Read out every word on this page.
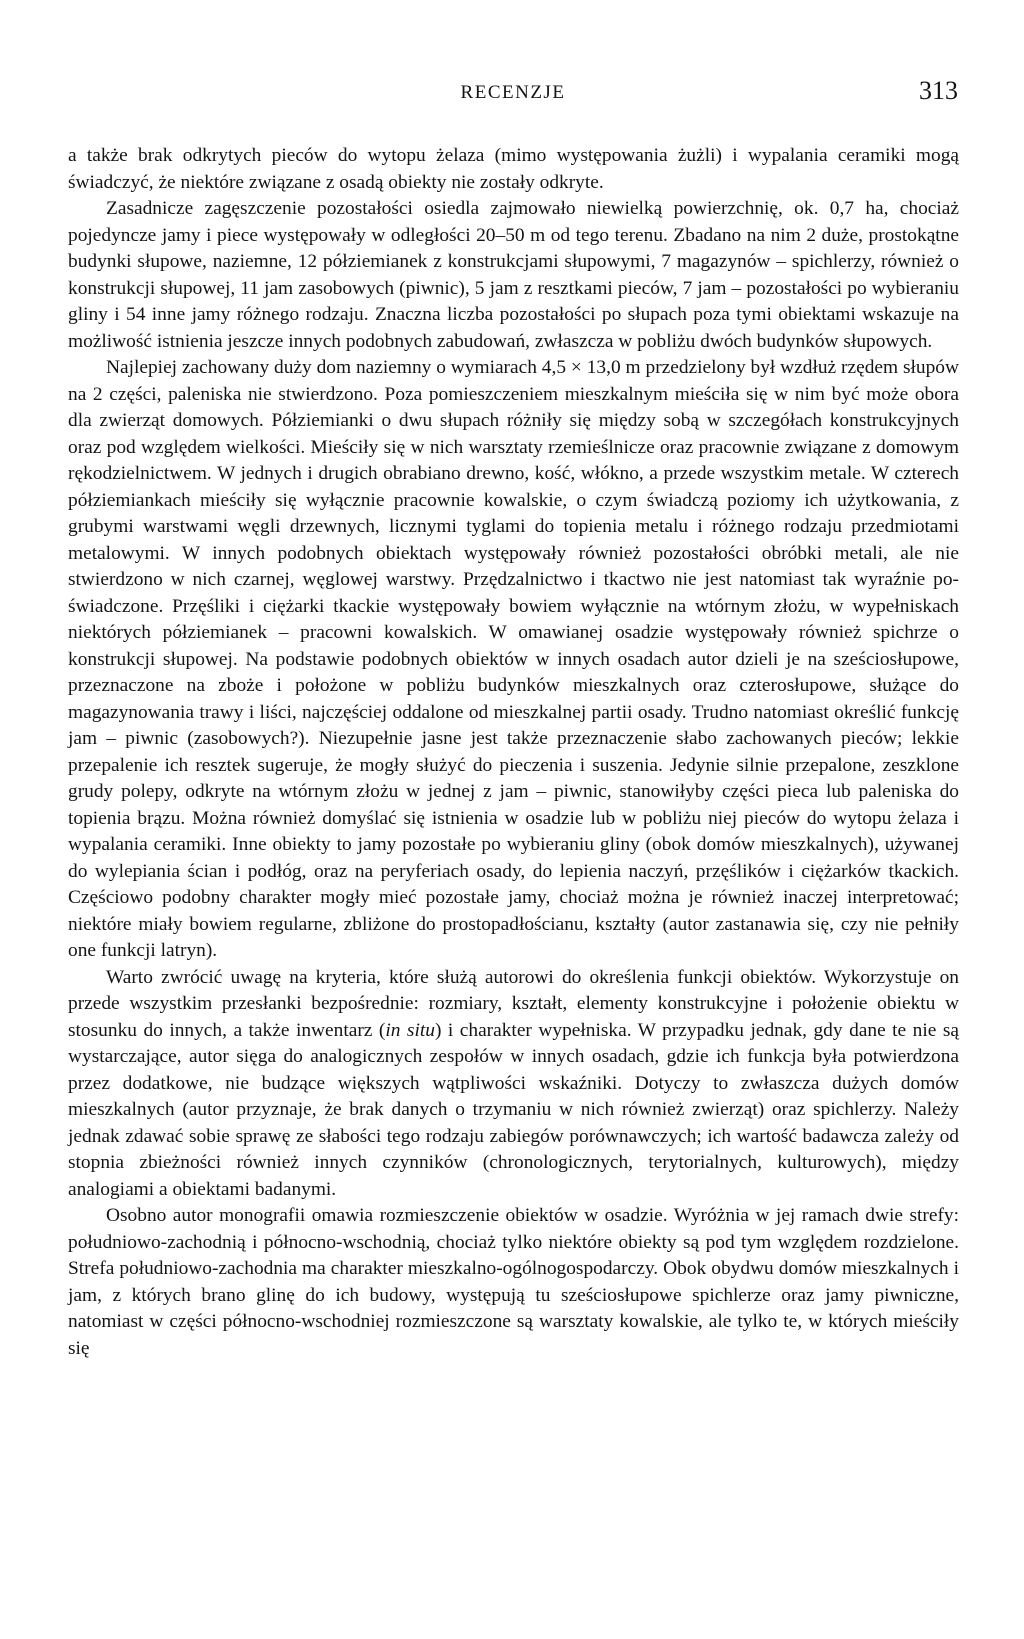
RECENZJE	313

a także brak odkrytych pieców do wytopu żelaza (mimo występowania żużli) i wypalania ceramiki mogą świadczyć, że niektóre związane z osadą obiekty nie zostały odkryte.

Zasadnicze zagęszczenie pozostałości osiedla zajmowało niewielką powierzchnię, ok. 0,7 ha, chociaż pojedyncze jamy i piece występowały w odległości 20–50 m od tego terenu. Zbadano na nim 2 duże, prostokątne budynki słupowe, naziemne, 12 półziemianek z konstrukcjami słupowymi, 7 magazynów – spichlerzy, również o konstrukcji słupowej, 11 jam zasobowych (piwnic), 5 jam z resztkami pieców, 7 jam – pozostałości po wybieraniu gliny i 54 inne jamy różnego rodzaju. Znaczna liczba pozostałości po słupach poza tymi obiektami wskazuje na możliwość istnienia jeszcze innych podobnych zabudowań, zwłaszcza w pobliżu dwóch budynków słupowych.

Najlepiej zachowany duży dom naziemny o wymiarach 4,5 × 13,0 m przedzielony był wzdłuż rzędem słupów na 2 części, paleniska nie stwierdzono. Poza pomieszczeniem mieszkalnym mieściła się w nim być może obora dla zwierząt domowych. Półziemianki o dwu słupach różniły się między sobą w szczegółach konstrukcyjnych oraz pod względem wielkości. Mieściły się w nich warsztaty rzemieślnicze oraz pracownie związane z domowym rękodzielnictwem. W jednych i drugich obrabiano drewno, kość, włókno, a przede wszystkim metale. W czterech półziemiankach mieściły się wyłącznie pracownie kowalskie, o czym świadczą poziomy ich użytkowania, z grubymi warstwami węgli drzewnych, licznymi tyglami do topienia metalu i różnego rodzaju przedmiotami metalowymi. W innych podobnych obiektach występowały również pozostałości obróbki metali, ale nie stwierdzono w nich czarnej, węglowej warstwy. Przędzalnictwo i tkactwo nie jest natomiast tak wyraźnie poświadczone. Przęśliki i ciężarki tkackie występowały bowiem wyłącznie na wtórnym złożu, w wypełniskach niektórych półziemianek – pracowni kowalskich. W omawianej osadzie występowały również spichrze o konstrukcji słupowej. Na podstawie podobnych obiektów w innych osadach autor dzieli je na sześciosłupowe, przeznaczone na zboże i położone w pobliżu budynków mieszkalnych oraz czterosłupowe, służące do magazynowania trawy i liści, najczęściej oddalone od mieszkalnej partii osady. Trudno natomiast określić funkcję jam – piwnic (zasobowych?). Niezupełnie jasne jest także przeznaczenie słabo zachowanych pieców; lekkie przepalenie ich resztek sugeruje, że mogły służyć do pieczenia i suszenia. Jedynie silnie przepalone, zeszklone grudy polepy, odkryte na wtórnym złożu w jednej z jam – piwnic, stanowiłyby części pieca lub paleniska do topienia brązu. Można również domyślać się istnienia w osadzie lub w pobliżu niej pieców do wytopu żelaza i wypalania ceramiki. Inne obiekty to jamy pozostałe po wybieraniu gliny (obok domów mieszkalnych), używanej do wylepiania ścian i podłóg, oraz na peryferiach osady, do lepienia naczyń, przęślików i ciężarków tkackich. Częściowo podobny charakter mogły mieć pozostałe jamy, chociaż można je również inaczej interpretować; niektóre miały bowiem regularne, zbliżone do prostopadłościanu, kształty (autor zastanawia się, czy nie pełniły one funkcji latryn).

Warto zwrócić uwagę na kryteria, które służą autorowi do określenia funkcji obiektów. Wykorzystuje on przede wszystkim przesłanki bezpośrednie: rozmiary, kształt, elementy konstrukcyjne i położenie obiektu w stosunku do innych, a także inwentarz (in situ) i charakter wypełniska. W przypadku jednak, gdy dane te nie są wystarczające, autor sięga do analogicznych zespołów w innych osadach, gdzie ich funkcja była potwierdzona przez dodatkowe, nie budzące większych wątpliwości wskaźniki. Dotyczy to zwłaszcza dużych domów mieszkalnych (autor przyznaje, że brak danych o trzymaniu w nich również zwierząt) oraz spichlerzy. Należy jednak zdawać sobie sprawę ze słabości tego rodzaju zabiegów porównawczych; ich wartość badawcza zależy od stopnia zbieżności również innych czynników (chronologicznych, terytorialnych, kulturowych), między analogiami a obiektami badanymi.

Osobno autor monografii omawia rozmieszczenie obiektów w osadzie. Wyróżnia w jej ramach dwie strefy: południowo-zachodnią i północno-wschodnią, chociaż tylko niektóre obiekty są pod tym względem rozdzielone. Strefa południowo-zachodnia ma charakter mieszkalno-ogólnogospodarczy. Obok obydwu domów mieszkalnych i jam, z których brano glinę do ich budowy, występują tu sześciosłupowe spichlerze oraz jamy piwniczne, natomiast w części północno-wschodniej rozmieszczone są warsztaty kowalskie, ale tylko te, w których mieściły się
